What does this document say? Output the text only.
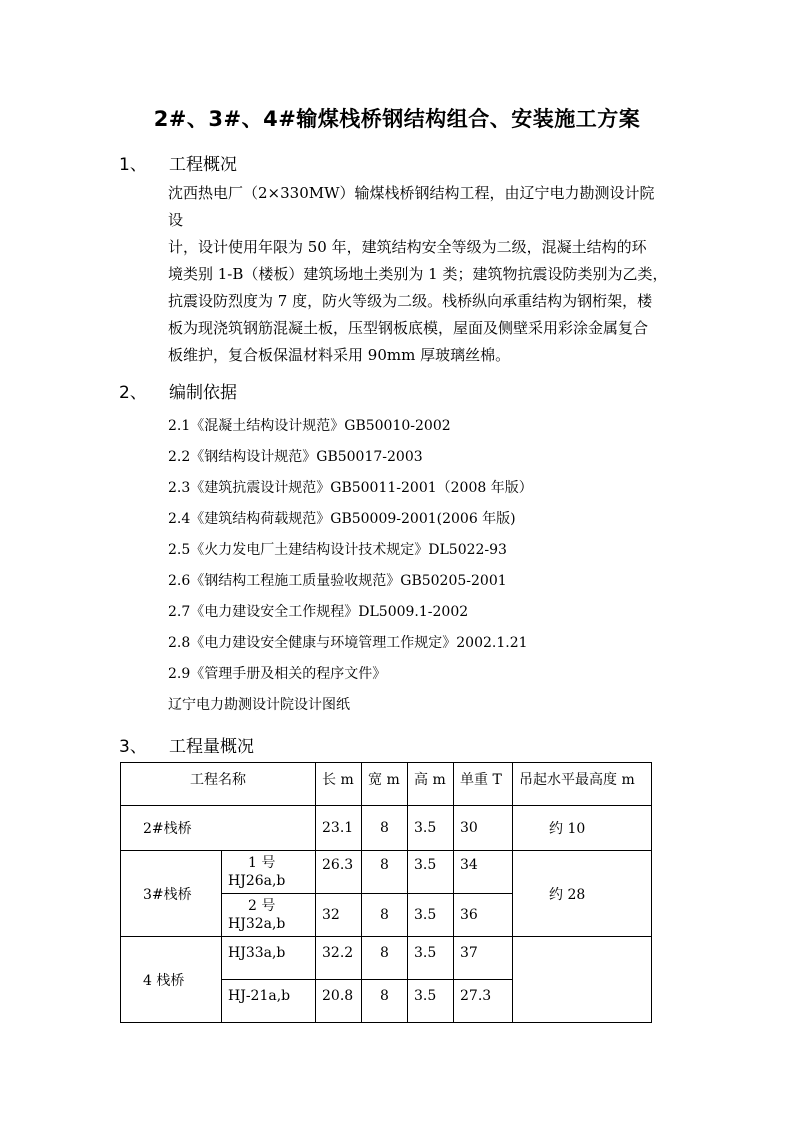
2#、3#、4#输煤栈桥钢结构组合、安装施工方案
1、 工程概况
沈西热电厂（2×330MW）输煤栈桥钢结构工程，由辽宁电力勘测设计院设
计，设计使用年限为 50 年，建筑结构安全等级为二级，混凝土结构的环
境类别 1-B（楼板）建筑场地土类别为 1 类；建筑物抗震设防类别为乙类，
抗震设防烈度为 7 度，防火等级为二级。栈桥纵向承重结构为钢桁架，楼
板为现浇筑钢筋混凝土板，压型钢板底模，屋面及侧壁采用彩涂金属复合
板维护，复合板保温材料采用 90mm 厚玻璃丝棉。
2、 编制依据
2.1《混凝土结构设计规范》GB50010-2002
2.2《钢结构设计规范》GB50017-2003
2.3《建筑抗震设计规范》GB50011-2001（2008 年版）
2.4《建筑结构荷载规范》GB50009-2001(2006 年版)
2.5《火力发电厂土建结构设计技术规定》DL5022-93
2.6《钢结构工程施工质量验收规范》GB50205-2001
2.7《电力建设安全工作规程》DL5009.1-2002
2.8《电力建设安全健康与环境管理工作规定》2002.1.21
2.9《管理手册及相关的程序文件》
辽宁电力勘测设计院设计图纸
3、 工程量概况
工程名称		长 m	宽 m	高 m	单重 T	吊起水平最高度 m
2#栈桥		23.1	8	3.5	30	约 10
3#栈桥	1 号
HJ26a,b	26.3	8	3.5	34	约 28

	2 号
HJ32a,b	32	8	3.5	36	
4 栈桥	HJ33a,b	32.2	8	3.5	37	
	HJ-21a,b	20.8	8	3.5	27.3	
